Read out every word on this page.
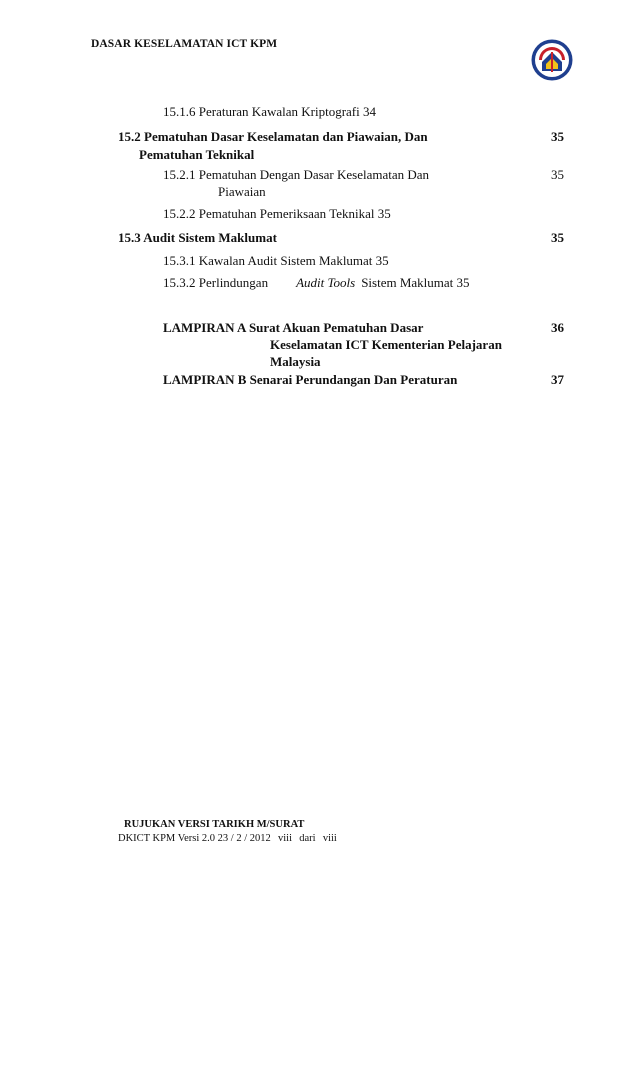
DASAR KESELAMATAN ICT KPM
15.1.6 Peraturan Kawalan Kriptografi 34
15.2 Pematuhan Dasar Keselamatan dan Piawaian, Dan	35
Pematuhan Teknikal
15.2.1 Pematuhan Dengan Dasar Keselamatan Dan	35
Piawaian
15.2.2 Pematuhan Pemeriksaan Teknikal 35
15.3 Audit Sistem Maklumat	35
15.3.1 Kawalan Audit Sistem Maklumat 35
15.3.2 Perlindungan Audit Tools Sistem Maklumat 35
LAMPIRAN A Surat Akuan Pematuhan Dasar	36
Keselamatan ICT Kementerian Pelajaran
Malaysia
LAMPIRAN B Senarai Perundangan Dan Peraturan	37
RUJUKAN VERSI TARIKH M/SURAT
DKICT KPM Versi 2.0 23 / 2 / 2012 viii dari viii
